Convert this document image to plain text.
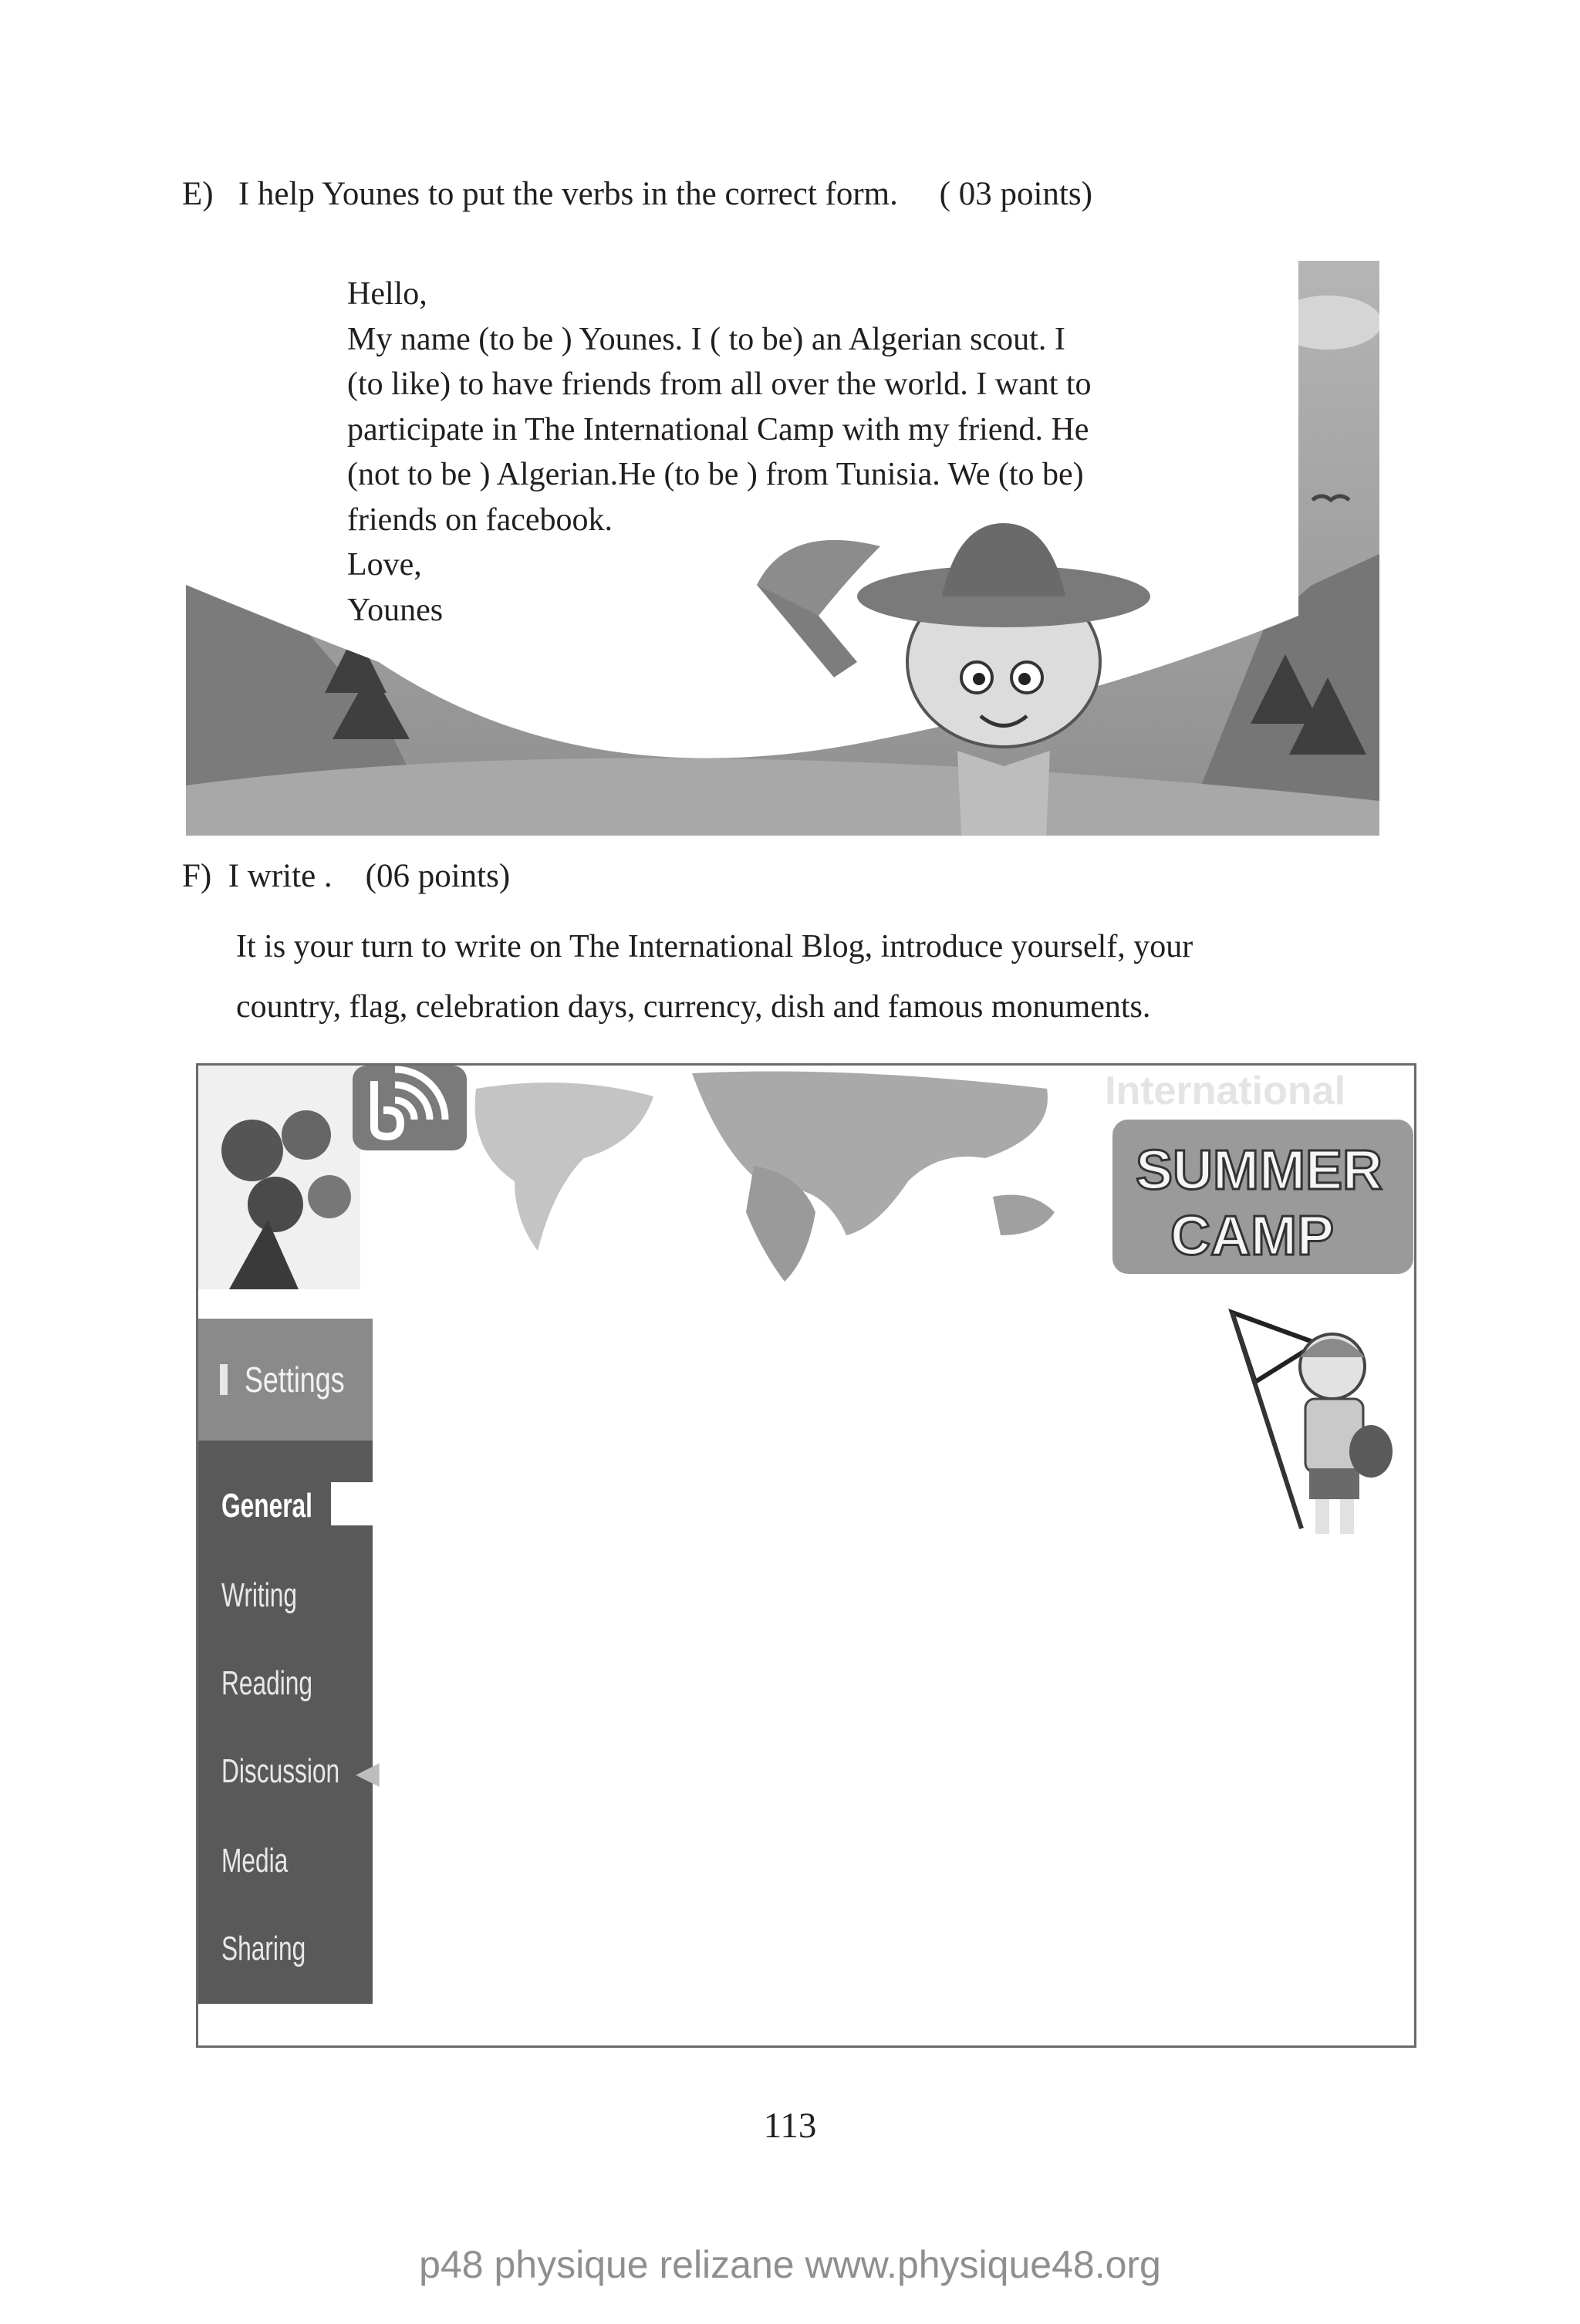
E)   I help Younes to put the verbs in the correct form.     ( 03 points)
Hello,
My name (to be ) Younes. I ( to be) an Algerian scout. I
(to like) to have friends from all over the world. I want to
participate in The International Camp with my friend. He
(not to be ) Algerian.He (to be ) from Tunisia. We (to be)
friends on facebook.
Love,
Younes
F)  I write .    (06 points)
It is your turn to write on The International Blog, introduce yourself, your
country, flag, celebration days, currency, dish and famous monuments.
International
SUMMER
CAMP
Settings
General
Writing
Reading
Discussion ◀
Media
Sharing
113
p48 physique relizane www.physique48.org
